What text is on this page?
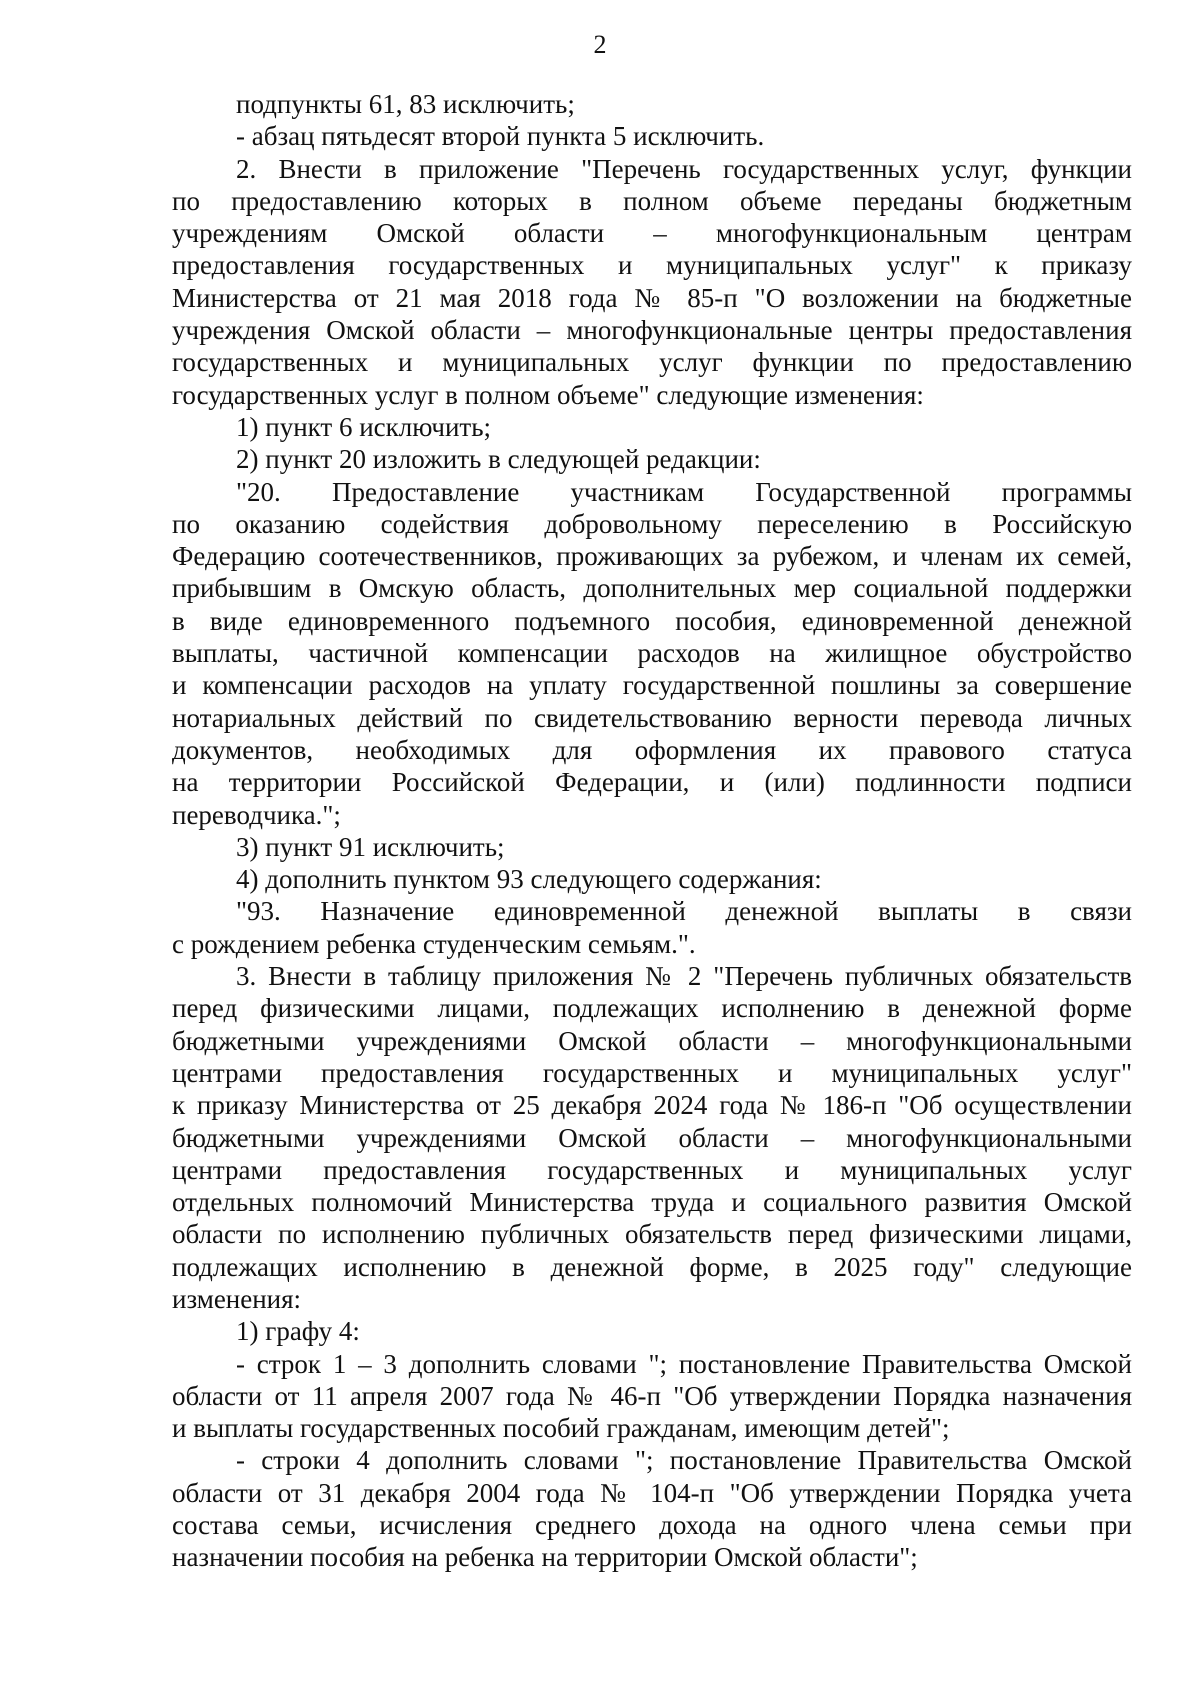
2

подпункты 61, 83 исключить;

- абзац пятьдесят второй пункта 5 исключить.

2. Внести в приложение "Перечень государственных услуг, функции

по предоставлению которых в полном объеме переданы бюджетным

учреждениям Омской области – многофункциональным центрам

предоставления государственных и муниципальных услуг" к приказу

Министерства от 21 мая 2018 года № 85-п "О возложении на бюджетные

учреждения Омской области – многофункциональные центры предоставления

государственных и муниципальных услуг функции по предоставлению

государственных услуг в полном объеме" следующие изменения:

1) пункт 6 исключить;

2) пункт 20 изложить в следующей редакции:

"20. Предоставление участникам Государственной программы

по оказанию содействия добровольному переселению в Российскую

Федерацию соотечественников, проживающих за рубежом, и членам их семей,

прибывшим в Омскую область, дополнительных мер социальной поддержки

в виде единовременного подъемного пособия, единовременной денежной

выплаты, частичной компенсации расходов на жилищное обустройство

и компенсации расходов на уплату государственной пошлины за совершение

нотариальных действий по свидетельствованию верности перевода личных

документов, необходимых для оформления их правового статуса

на территории Российской Федерации, и (или) подлинности подписи

переводчика.";

3) пункт 91 исключить;

4) дополнить пунктом 93 следующего содержания:

"93. Назначение единовременной денежной выплаты в связи

с рождением ребенка студенческим семьям.".

3. Внести в таблицу приложения № 2 "Перечень публичных обязательств

перед физическими лицами, подлежащих исполнению в денежной форме

бюджетными учреждениями Омской области – многофункциональными

центрами предоставления государственных и муниципальных услуг"

к приказу Министерства от 25 декабря 2024 года № 186-п "Об осуществлении

бюджетными учреждениями Омской области – многофункциональными

центрами предоставления государственных и муниципальных услуг

отдельных полномочий Министерства труда и социального развития Омской

области по исполнению публичных обязательств перед физическими лицами,

подлежащих исполнению в денежной форме, в 2025 году" следующие

изменения:

1) графу 4:

- строк 1 – 3 дополнить словами "; постановление Правительства Омской

области от 11 апреля 2007 года № 46-п "Об утверждении Порядка назначения

и выплаты государственных пособий гражданам, имеющим детей";

- строки 4 дополнить словами "; постановление Правительства Омской

области от 31 декабря 2004 года № 104-п "Об утверждении Порядка учета

состава семьи, исчисления среднего дохода на одного члена семьи при

назначении пособия на ребенка на территории Омской области";
